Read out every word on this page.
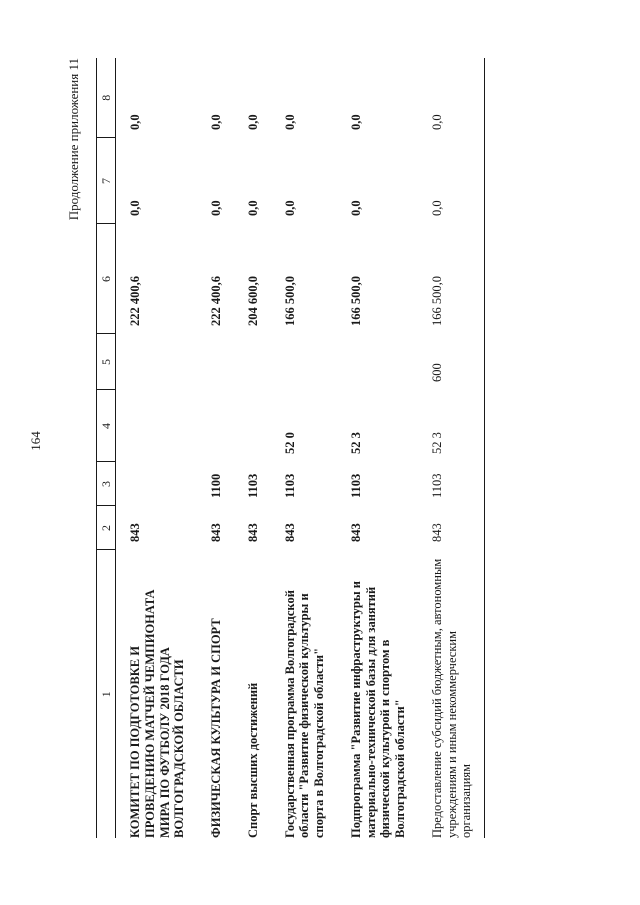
164
Продолжение приложения 11
1	2	3	4	5	6	7	8
КОМИТЕТ ПО ПОДГОТОВКЕ И ПРОВЕДЕНИЮ МАТЧЕЙ ЧЕМПИОНАТА МИРА ПО ФУТБОЛУ 2018 ГОДА ВОЛГОГРАДСКОЙ ОБЛАСТИ	843				222 400,6	0,0	0,0
ФИЗИЧЕСКАЯ КУЛЬТУРА И СПОРТ	843	1100			222 400,6	0,0	0,0
Спорт высших достижений	843	1103			204 600,0	0,0	0,0
Государственная программа Волгоградской области "Развитие физической культуры и спорта в Волгоградской области"	843	1103	52 0		166 500,0	0,0	0,0
Подпрограмма "Развитие инфраструктуры и материально-технической базы для занятий физической культурой и спортом в Волгоградской области"	843	1103	52 3		166 500,0	0,0	0,0
Предоставление субсидий бюджетным, автономным учреждениям и иным некоммерческим организациям	843	1103	52 3	600	166 500,0	0,0	0,0
